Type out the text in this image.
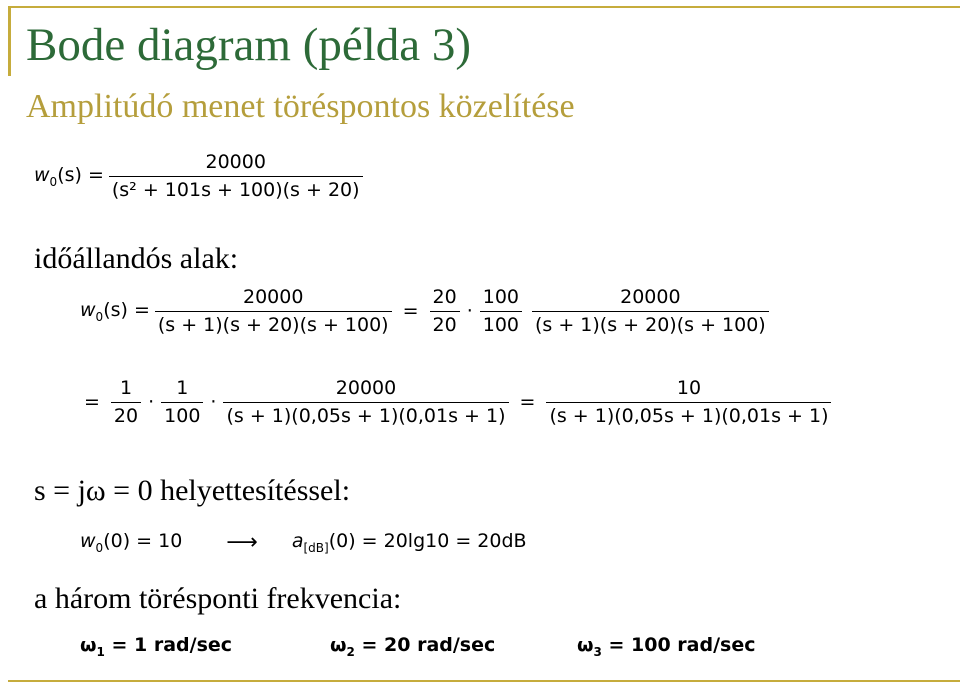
Bode diagram (példa 3)
Amplitúdó menet töréspontos közelítése
$w_0(s) = \frac{20000}{\text{(s² + 101s + 100)(s + 20)}}$
időállandós alak:
$w_0(s) = \frac{20000}{(s + 1)(s + 20)(s + 100)} = \frac{20}{20} \cdot \frac{100}{100} \frac{20000}{(s + 1)(s + 20)(s + 100)}$
= $\frac{1}{20} \cdot \frac{1}{100} \cdot \frac{20000}{(s + 1)(0,05s + 1)(0,01s + 1)} = \frac{10}{(s + 1)(0,05s + 1)(0,01s + 1)}$
s = jω = 0 helyettesítéssel:
$w_0(0) = 10$ ⟶ $a_{[dB]}(0) = 20\lg 10 = 20dB$
a három törésponti frekvencia:
$\omega_1 = 1$ rad/sec	$\omega_2 = 20$ rad/sec	$\omega_3 = 100$ rad/sec
